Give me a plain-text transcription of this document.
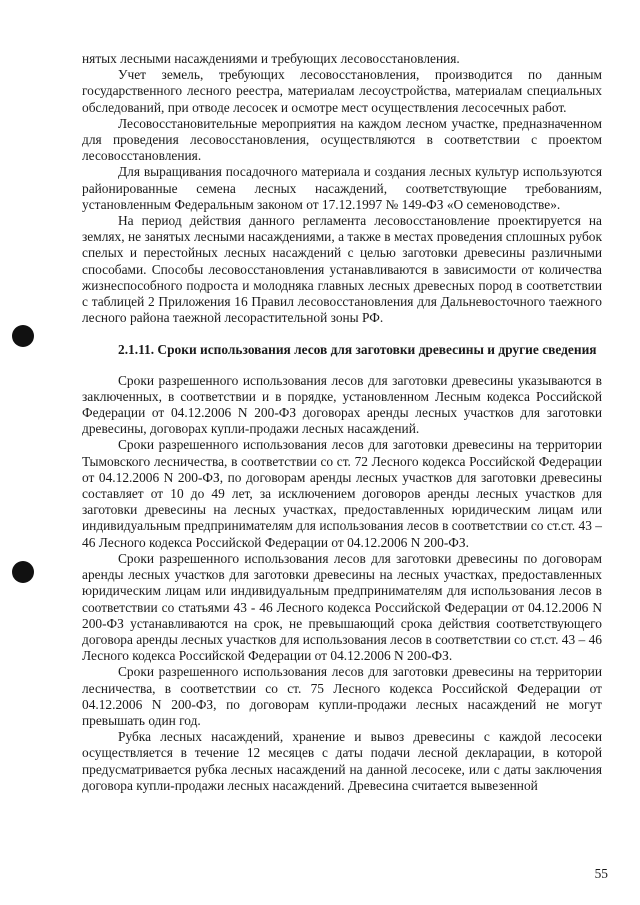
нятых лесными насаждениями и требующих лесовосстановления.

Учет земель, требующих лесовосстановления, производится по данным государственного лесного реестра, материалам лесоустройства, материалам специальных обследований, при отводе лесосек и осмотре мест осуществления лесосечных работ.

Лесовосстановительные мероприятия на каждом лесном участке, предназначенном для проведения лесовосстановления, осуществляются в соответствии с проектом лесовосстановления.

Для выращивания посадочного материала и создания лесных культур используются районированные семена лесных насаждений, соответствующие требованиям, установленным Федеральным законом от 17.12.1997 № 149-ФЗ «О семеноводстве».

На период действия данного регламента лесовосстановление проектируется на землях, не занятых лесными насаждениями, а также в местах проведения сплошных рубок спелых и перестойных лесных насаждений с целью заготовки древесины различными способами. Способы лесовосстановления устанавливаются в зависимости от количества жизнеспособного подроста и молодняка главных лесных древесных пород в соответствии с таблицей 2 Приложения 16 Правил лесовосстановления для Дальневосточного таежного лесного района таежной лесорастительной зоны РФ.

2.1.11. Сроки использования лесов для заготовки древесины и другие сведения

Сроки разрешенного использования лесов для заготовки древесины указываются в заключенных, в соответствии и в порядке, установленном Лесным кодекса Российской Федерации от 04.12.2006 N 200-ФЗ договорах аренды лесных участков для заготовки древесины, договорах купли-продажи лесных насаждений.

Сроки разрешенного использования лесов для заготовки древесины на территории Тымовского лесничества, в соответствии со ст. 72 Лесного кодекса Российской Федерации от 04.12.2006 N 200-ФЗ, по договорам аренды лесных участков для заготовки древесины составляет от 10 до 49 лет, за исключением договоров аренды лесных участков для заготовки древесины на лесных участках, предоставленных юридическим лицам или индивидуальным предпринимателям для использования лесов в соответствии со ст.ст. 43 – 46 Лесного кодекса Российской Федерации от 04.12.2006 N 200-ФЗ.

Сроки разрешенного использования лесов для заготовки древесины по договорам аренды лесных участков для заготовки древесины на лесных участках, предоставленных юридическим лицам или индивидуальным предпринимателям для использования лесов в соответствии со статьями 43 - 46 Лесного кодекса Российской Федерации от 04.12.2006 N 200-ФЗ устанавливаются на срок, не превышающий срока действия соответствующего договора аренды лесных участков для использования лесов в соответствии со ст.ст. 43 – 46 Лесного кодекса Российской Федерации от 04.12.2006 N 200-ФЗ.

Сроки разрешенного использования лесов для заготовки древесины на территории лесничества, в соответствии со ст. 75 Лесного кодекса Российской Федерации от 04.12.2006 N 200-ФЗ, по договорам купли-продажи лесных насаждений не могут превышать один год.

Рубка лесных насаждений, хранение и вывоз древесины с каждой лесосеки осуществляется в течение 12 месяцев с даты подачи лесной декларации, в которой предусматривается рубка лесных насаждений на данной лесосеке, или с даты заключения договора купли-продажи лесных насаждений. Древесина считается вывезенной

55
